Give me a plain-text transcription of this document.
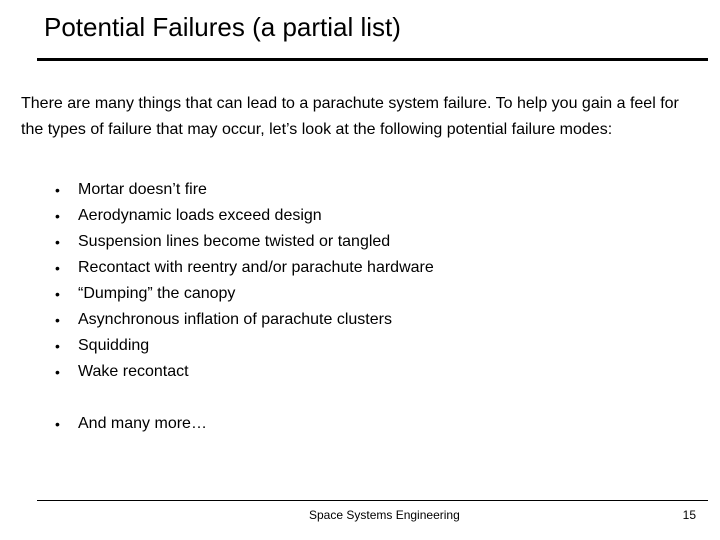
Potential Failures (a partial list)
There are many things that can lead to a parachute system failure. To help you gain a feel for the types of failure that may occur, let’s look at the following potential failure modes:
• Mortar doesn’t fire
• Aerodynamic loads exceed design
• Suspension lines become twisted or tangled
• Recontact with reentry and/or parachute hardware
• “Dumping” the canopy
• Asynchronous inflation of parachute clusters
• Squidding
• Wake recontact
• And many more…
Space Systems Engineering	15
